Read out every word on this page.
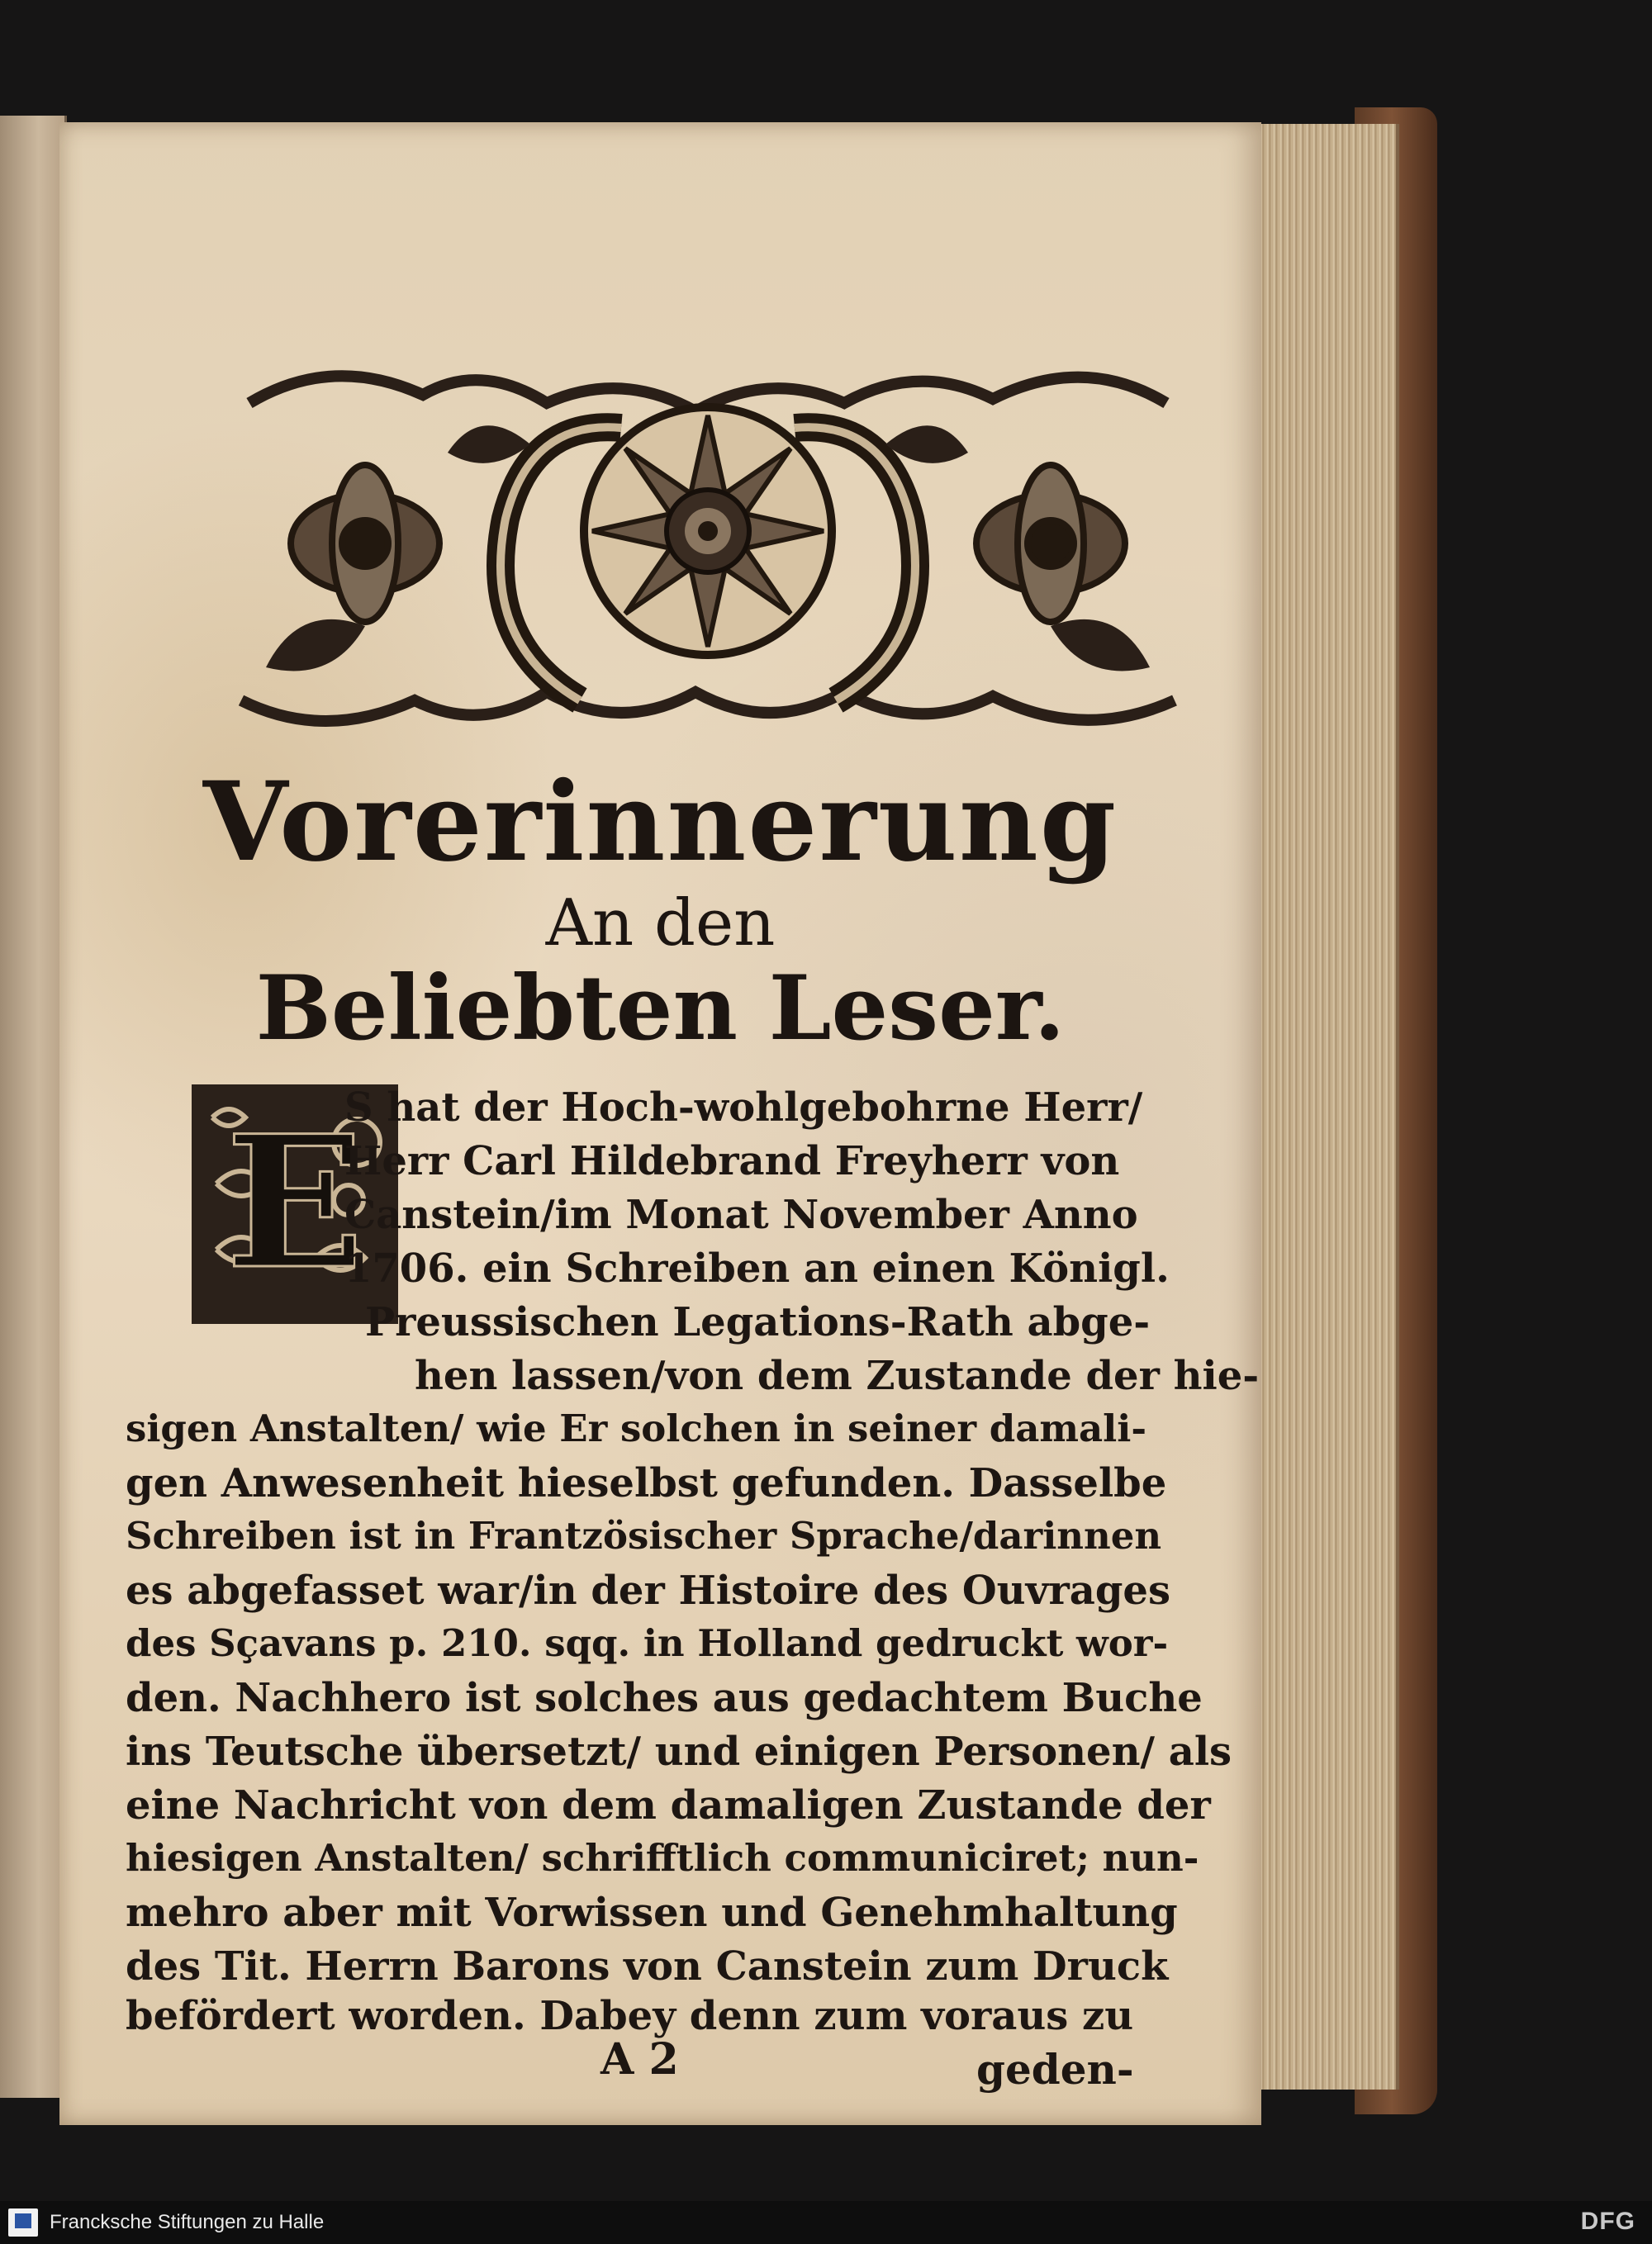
Vorerinnerung
An den
Beliebten Leser.
E
S hat der Hoch-wohlgebohrne Herr/
Herr Carl Hildebrand Freyherr von
Canstein/im Monat November Anno
1706. ein Schreiben an einen Königl.
Preussischen Legations-Rath abge-
hen lassen/von dem Zustande der hie-
sigen Anstalten/ wie Er solchen in seiner damali-
gen Anwesenheit hieselbst gefunden. Dasselbe
Schreiben ist in Frantzösischer Sprache/darinnen
es abgefasset war/in der Histoire des Ouvrages
des Sçavans p. 210. sqq. in Holland gedruckt wor-
den. Nachhero ist solches aus gedachtem Buche
ins Teutsche übersetzt/ und einigen Personen/ als
eine Nachricht von dem damaligen Zustande der
hiesigen Anstalten/ schrifftlich communiciret; nun-
mehro aber mit Vorwissen und Genehmhaltung
des Tit. Herrn Barons von Canstein zum Druck
befördert worden. Dabey denn zum voraus zu
A 2	geden-
Francksche Stiftungen zu Halle	DFG
